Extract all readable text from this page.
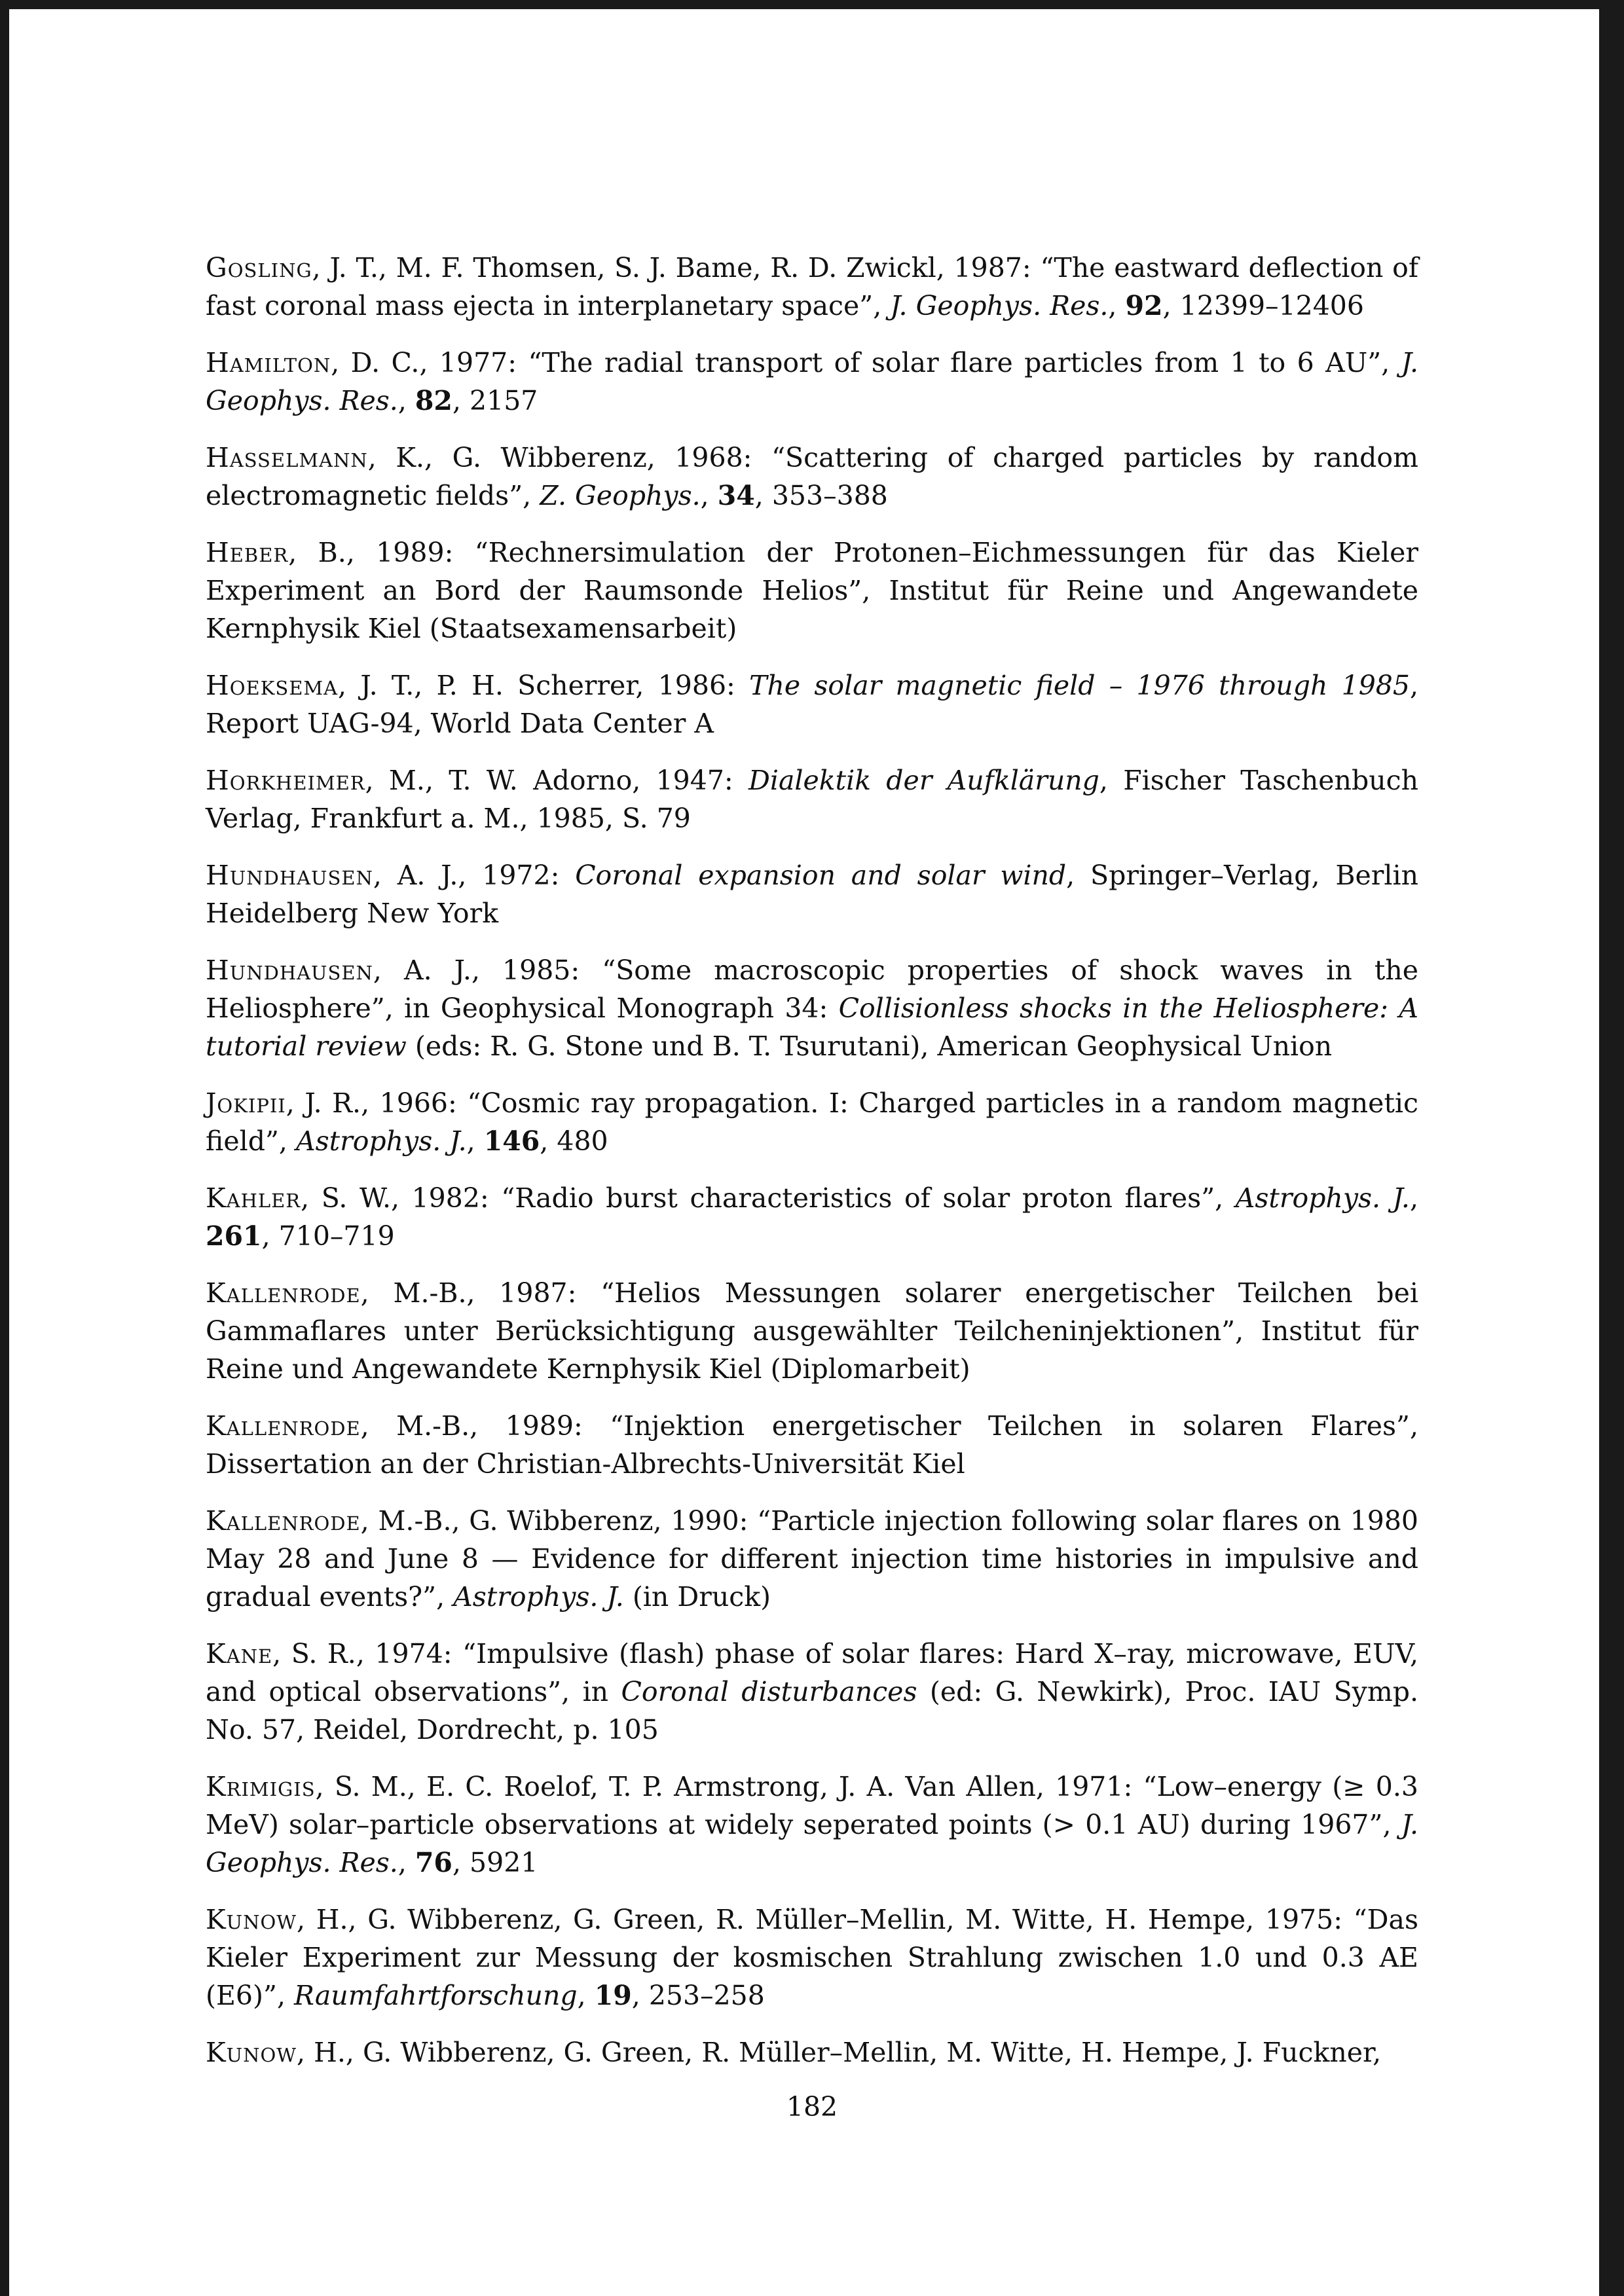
Gosling, J. T., M. F. Thomsen, S. J. Bame, R. D. Zwickl, 1987: “The eastward deflection of fast coronal mass ejecta in interplanetary space”, J. Geophys. Res., 92, 12399–12406

Hamilton, D. C., 1977: “The radial transport of solar flare particles from 1 to 6 AU”, J. Geophys. Res., 82, 2157

Hasselmann, K., G. Wibberenz, 1968: “Scattering of charged particles by random electromagnetic fields”, Z. Geophys., 34, 353–388

Heber, B., 1989: “Rechnersimulation der Protonen–Eichmessungen für das Kieler Experiment an Bord der Raumsonde Helios”, Institut für Reine und Angewandete Kernphysik Kiel (Staatsexamensarbeit)

Hoeksema, J. T., P. H. Scherrer, 1986: The solar magnetic field – 1976 through 1985, Report UAG-94, World Data Center A

Horkheimer, M., T. W. Adorno, 1947: Dialektik der Aufklärung, Fischer Taschenbuch Verlag, Frankfurt a. M., 1985, S. 79

Hundhausen, A. J., 1972: Coronal expansion and solar wind, Springer–Verlag, Berlin Heidelberg New York

Hundhausen, A. J., 1985: “Some macroscopic properties of shock waves in the Heliosphere”, in Geophysical Monograph 34: Collisionless shocks in the Heliosphere: A tutorial review (eds: R. G. Stone und B. T. Tsurutani), American Geophysical Union

Jokipii, J. R., 1966: “Cosmic ray propagation. I: Charged particles in a random magnetic field”, Astrophys. J., 146, 480

Kahler, S. W., 1982: “Radio burst characteristics of solar proton flares”, Astrophys. J., 261, 710–719

Kallenrode, M.-B., 1987: “Helios Messungen solarer energetischer Teilchen bei Gammaflares unter Berücksichtigung ausgewählter Teilcheninjektionen”, Institut für Reine und Angewandete Kernphysik Kiel (Diplomarbeit)

Kallenrode, M.-B., 1989: “Injektion energetischer Teilchen in solaren Flares”, Dissertation an der Christian-Albrechts-Universität Kiel

Kallenrode, M.-B., G. Wibberenz, 1990: “Particle injection following solar flares on 1980 May 28 and June 8 — Evidence for different injection time histories in impulsive and gradual events?”, Astrophys. J. (in Druck)

Kane, S. R., 1974: “Impulsive (flash) phase of solar flares: Hard X–ray, microwave, EUV, and optical observations”, in Coronal disturbances (ed: G. Newkirk), Proc. IAU Symp. No. 57, Reidel, Dordrecht, p. 105

Krimigis, S. M., E. C. Roelof, T. P. Armstrong, J. A. Van Allen, 1971: “Low–energy (≥ 0.3 MeV) solar–particle observations at widely seperated points (> 0.1 AU) during 1967”, J. Geophys. Res., 76, 5921

Kunow, H., G. Wibberenz, G. Green, R. Müller–Mellin, M. Witte, H. Hempe, 1975: “Das Kieler Experiment zur Messung der kosmischen Strahlung zwischen 1.0 und 0.3 AE (E6)”, Raumfahrtforschung, 19, 253–258

Kunow, H., G. Wibberenz, G. Green, R. Müller–Mellin, M. Witte, H. Hempe, J. Fuckner,

182
